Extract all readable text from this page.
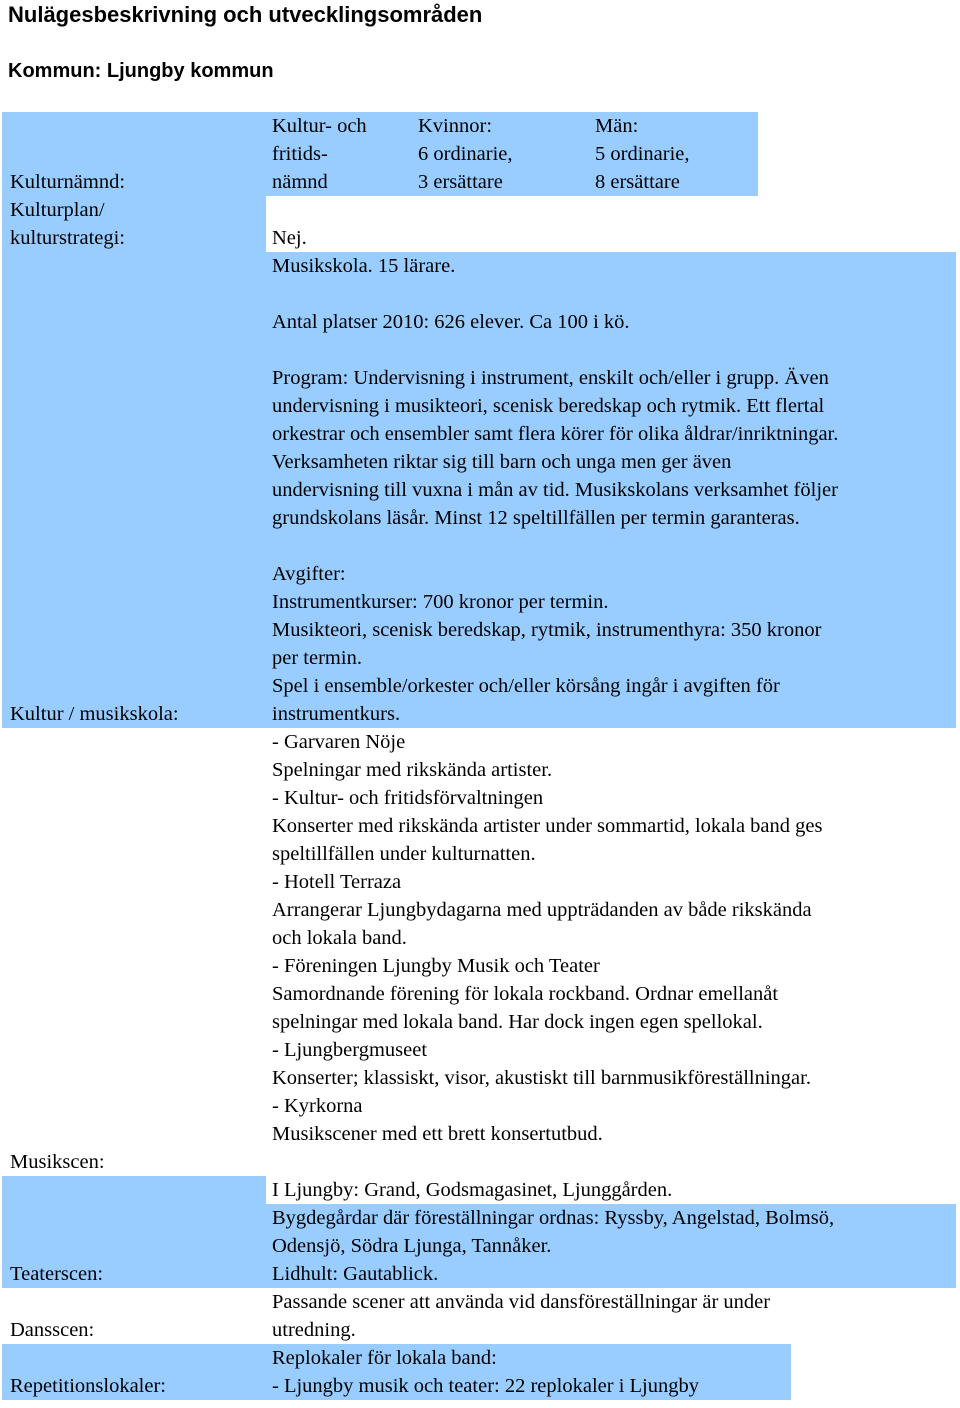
Nulägesbeskrivning och utvecklingsområden
Kommun: Ljungby kommun
Kulturnämnd:
Kulturplan/
kulturstrategi:
Kultur / musikskola:
Musikscen:
Teaterscen:
Dansscen:
Repetitionslokaler:
Kultur- och
fritids-
nämnd
Kvinnor:
6 ordinarie,
3 ersättare
Män:
5 ordinarie,
8 ersättare
Nej.
Musikskola. 15 lärare.
Antal platser 2010: 626 elever. Ca 100 i kö.
Program: Undervisning i instrument, enskilt och/eller i grupp. Även
undervisning i musikteori, scenisk beredskap och rytmik. Ett flertal
orkestrar och ensembler samt flera körer för olika åldrar/inriktningar.
Verksamheten riktar sig till barn och unga men ger även
undervisning till vuxna i mån av tid. Musikskolans verksamhet följer
grundskolans läsår. Minst 12 speltillfällen per termin garanteras.
Avgifter:
Instrumentkurser: 700 kronor per termin.
Musikteori, scenisk beredskap, rytmik, instrumenthyra: 350 kronor
per termin.
Spel i ensemble/orkester och/eller körsång ingår i avgiften för
instrumentkurs.
- Garvaren Nöje
Spelningar med rikskända artister.
- Kultur- och fritidsförvaltningen
Konserter med rikskända artister under sommartid, lokala band ges
speltillfällen under kulturnatten.
- Hotell Terraza
Arrangerar Ljungbydagarna med uppträdanden av både rikskända
och lokala band.
- Föreningen Ljungby Musik och Teater
Samordnande förening för lokala rockband. Ordnar emellanåt
spelningar med lokala band. Har dock ingen egen spellokal.
- Ljungbergmuseet
Konserter; klassiskt, visor, akustiskt till barnmusikföreställningar.
- Kyrkorna
Musikscener med ett brett konsertutbud.
I Ljungby: Grand, Godsmagasinet, Ljunggården.
Bygdegårdar där föreställningar ordnas: Ryssby, Angelstad, Bolmsö,
Odensjö, Södra Ljunga, Tannåker.
Lidhult: Gautablick.
Passande scener att använda vid dansföreställningar är under
utredning.
Replokaler för lokala band:
- Ljungby musik och teater: 22 replokaler i Ljungby
